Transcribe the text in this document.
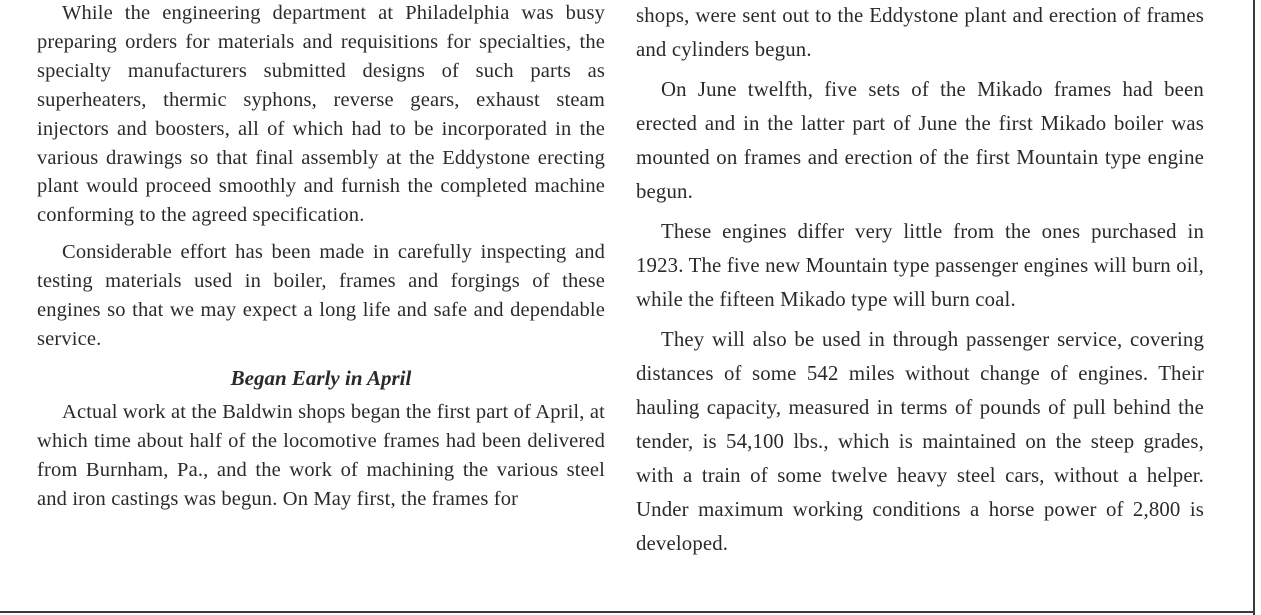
While the engineering department at Philadelphia was busy preparing orders for materials and requisitions for specialties, the specialty manufacturers submitted designs of such parts as superheaters, thermic syphons, reverse gears, exhaust steam injectors and boosters, all of which had to be incorporated in the various drawings so that final assembly at the Eddystone erecting plant would proceed smoothly and furnish the completed machine conforming to the agreed specification.

Considerable effort has been made in carefully inspecting and testing materials used in boiler, frames and forgings of these engines so that we may expect a long life and safe and dependable service.

Began Early in April

Actual work at the Baldwin shops began the first part of April, at which time about half of the locomotive frames had been delivered from Burnham, Pa., and the work of machining the various steel and iron castings was begun. On May first, the frames for

shops, were sent out to the Eddystone plant and erection of frames and cylinders begun.

On June twelfth, five sets of the Mikado frames had been erected and in the latter part of June the first Mikado boiler was mounted on frames and erection of the first Mountain type engine begun.

These engines differ very little from the ones purchased in 1923. The five new Mountain type passenger engines will burn oil, while the fifteen Mikado type will burn coal.

They will also be used in through passenger service, covering distances of some 542 miles without change of engines. Their hauling capacity, measured in terms of pounds of pull behind the tender, is 54,100 lbs., which is maintained on the steep grades, with a train of some twelve heavy steel cars, without a helper. Under maximum working conditions a horse power of 2,800 is developed.
